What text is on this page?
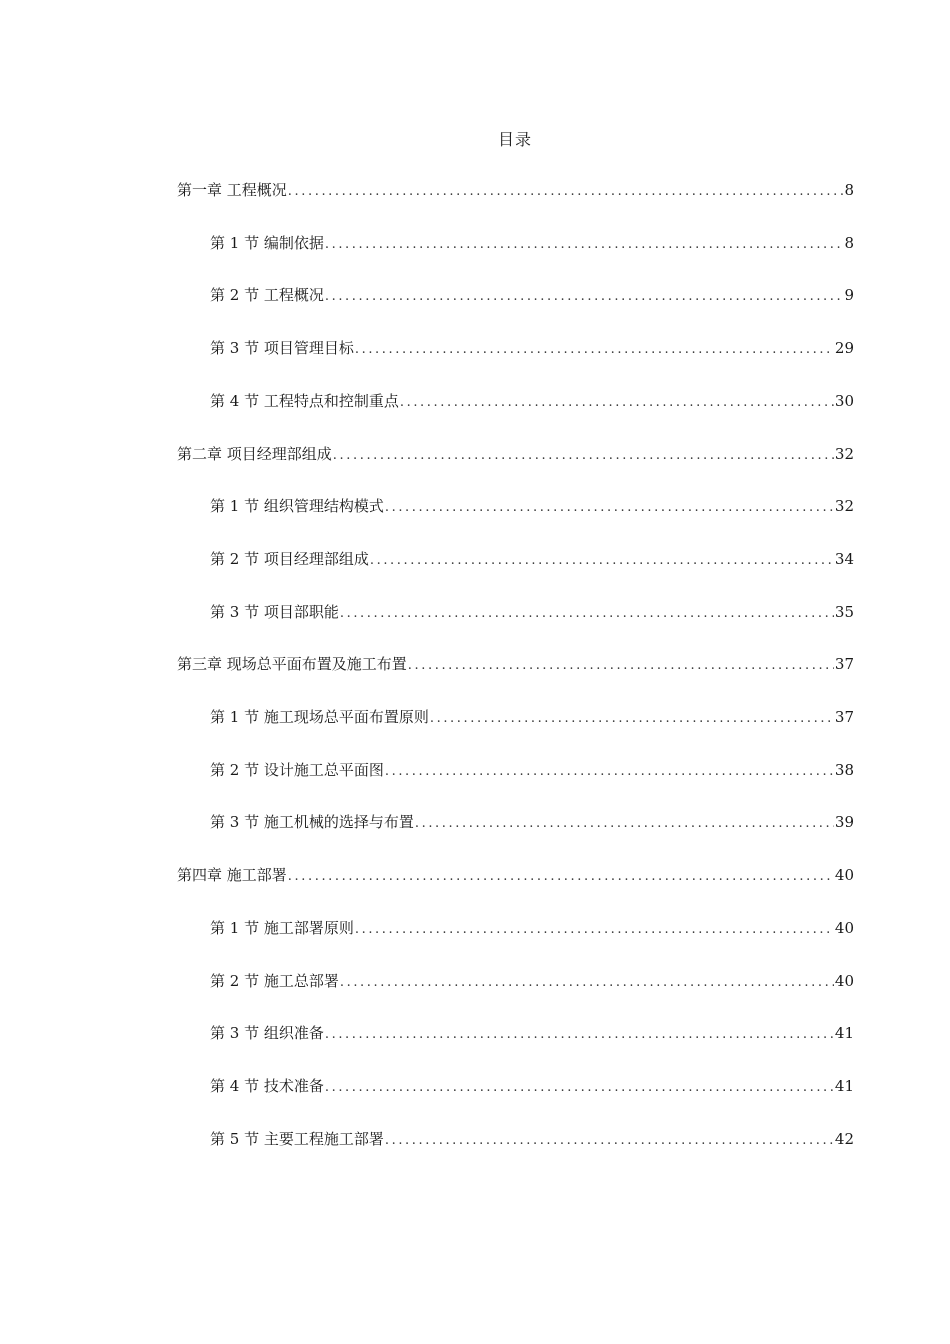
目录
第一章 工程概况 .....	8
第 1 节 编制依据 .....	8
第 2 节 工程概况 .....	9
第 3 节 项目管理目标 .....	29
第 4 节 工程特点和控制重点 .....	30
第二章 项目经理部组成 .....	32
第 1 节 组织管理结构模式 .....	32
第 2 节 项目经理部组成 .....	34
第 3 节 项目部职能 .....	35
第三章 现场总平面布置及施工布置 .....	37
第 1 节 施工现场总平面布置原则 .....	37
第 2 节 设计施工总平面图 .....	38
第 3 节 施工机械的选择与布置 .....	39
第四章 施工部署 .....	40
第 1 节 施工部署原则 .....	40
第 2 节 施工总部署 .....	40
第 3 节 组织准备 .....	41
第 4 节 技术准备 .....	41
第 5 节 主要工程施工部署 .....	42
